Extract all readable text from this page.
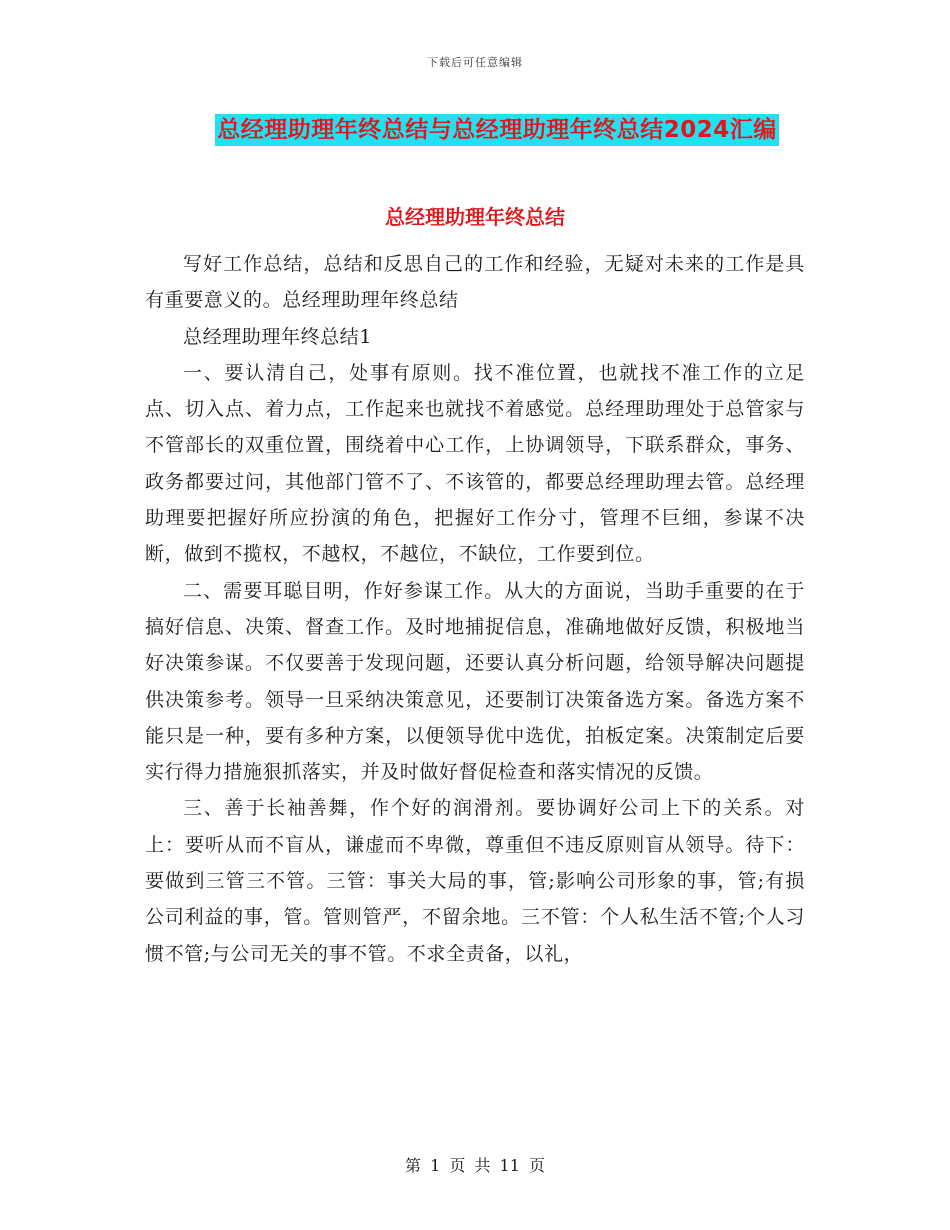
下载后可任意编辑
总经理助理年终总结与总经理助理年终总结2024汇编
总经理助理年终总结

写好工作总结，总结和反思自己的工作和经验，无疑对未来的工作是具有重要意义的。总经理助理年终总结

总经理助理年终总结1

一、要认清自己，处事有原则。找不准位置，也就找不准工作的立足点、切入点、着力点，工作起来也就找不着感觉。总经理助理处于总管家与不管部长的双重位置，围绕着中心工作，上协调领导，下联系群众，事务、政务都要过问，其他部门管不了、不该管的，都要总经理助理去管。总经理助理要把握好所应扮演的角色，把握好工作分寸，管理不巨细，参谋不决断，做到不揽权，不越权，不越位，不缺位，工作要到位。

二、需要耳聪目明，作好参谋工作。从大的方面说，当助手重要的在于搞好信息、决策、督查工作。及时地捕捉信息，准确地做好反馈，积极地当好决策参谋。不仅要善于发现问题，还要认真分析问题，给领导解决问题提供决策参考。领导一旦采纳决策意见，还要制订决策备选方案。备选方案不能只是一种，要有多种方案，以便领导优中选优，拍板定案。决策制定后要实行得力措施狠抓落实，并及时做好督促检查和落实情况的反馈。

三、善于长袖善舞，作个好的润滑剂。要协调好公司上下的关系。对上：要听从而不盲从，谦虚而不卑微，尊重但不违反原则盲从领导。待下：要做到三管三不管。三管：事关大局的事，管;影响公司形象的事，管;有损公司利益的事，管。管则管严，不留余地。三不管：个人私生活不管;个人习惯不管;与公司无关的事不管。不求全责备，以礼，

第 1 页 共 11 页
